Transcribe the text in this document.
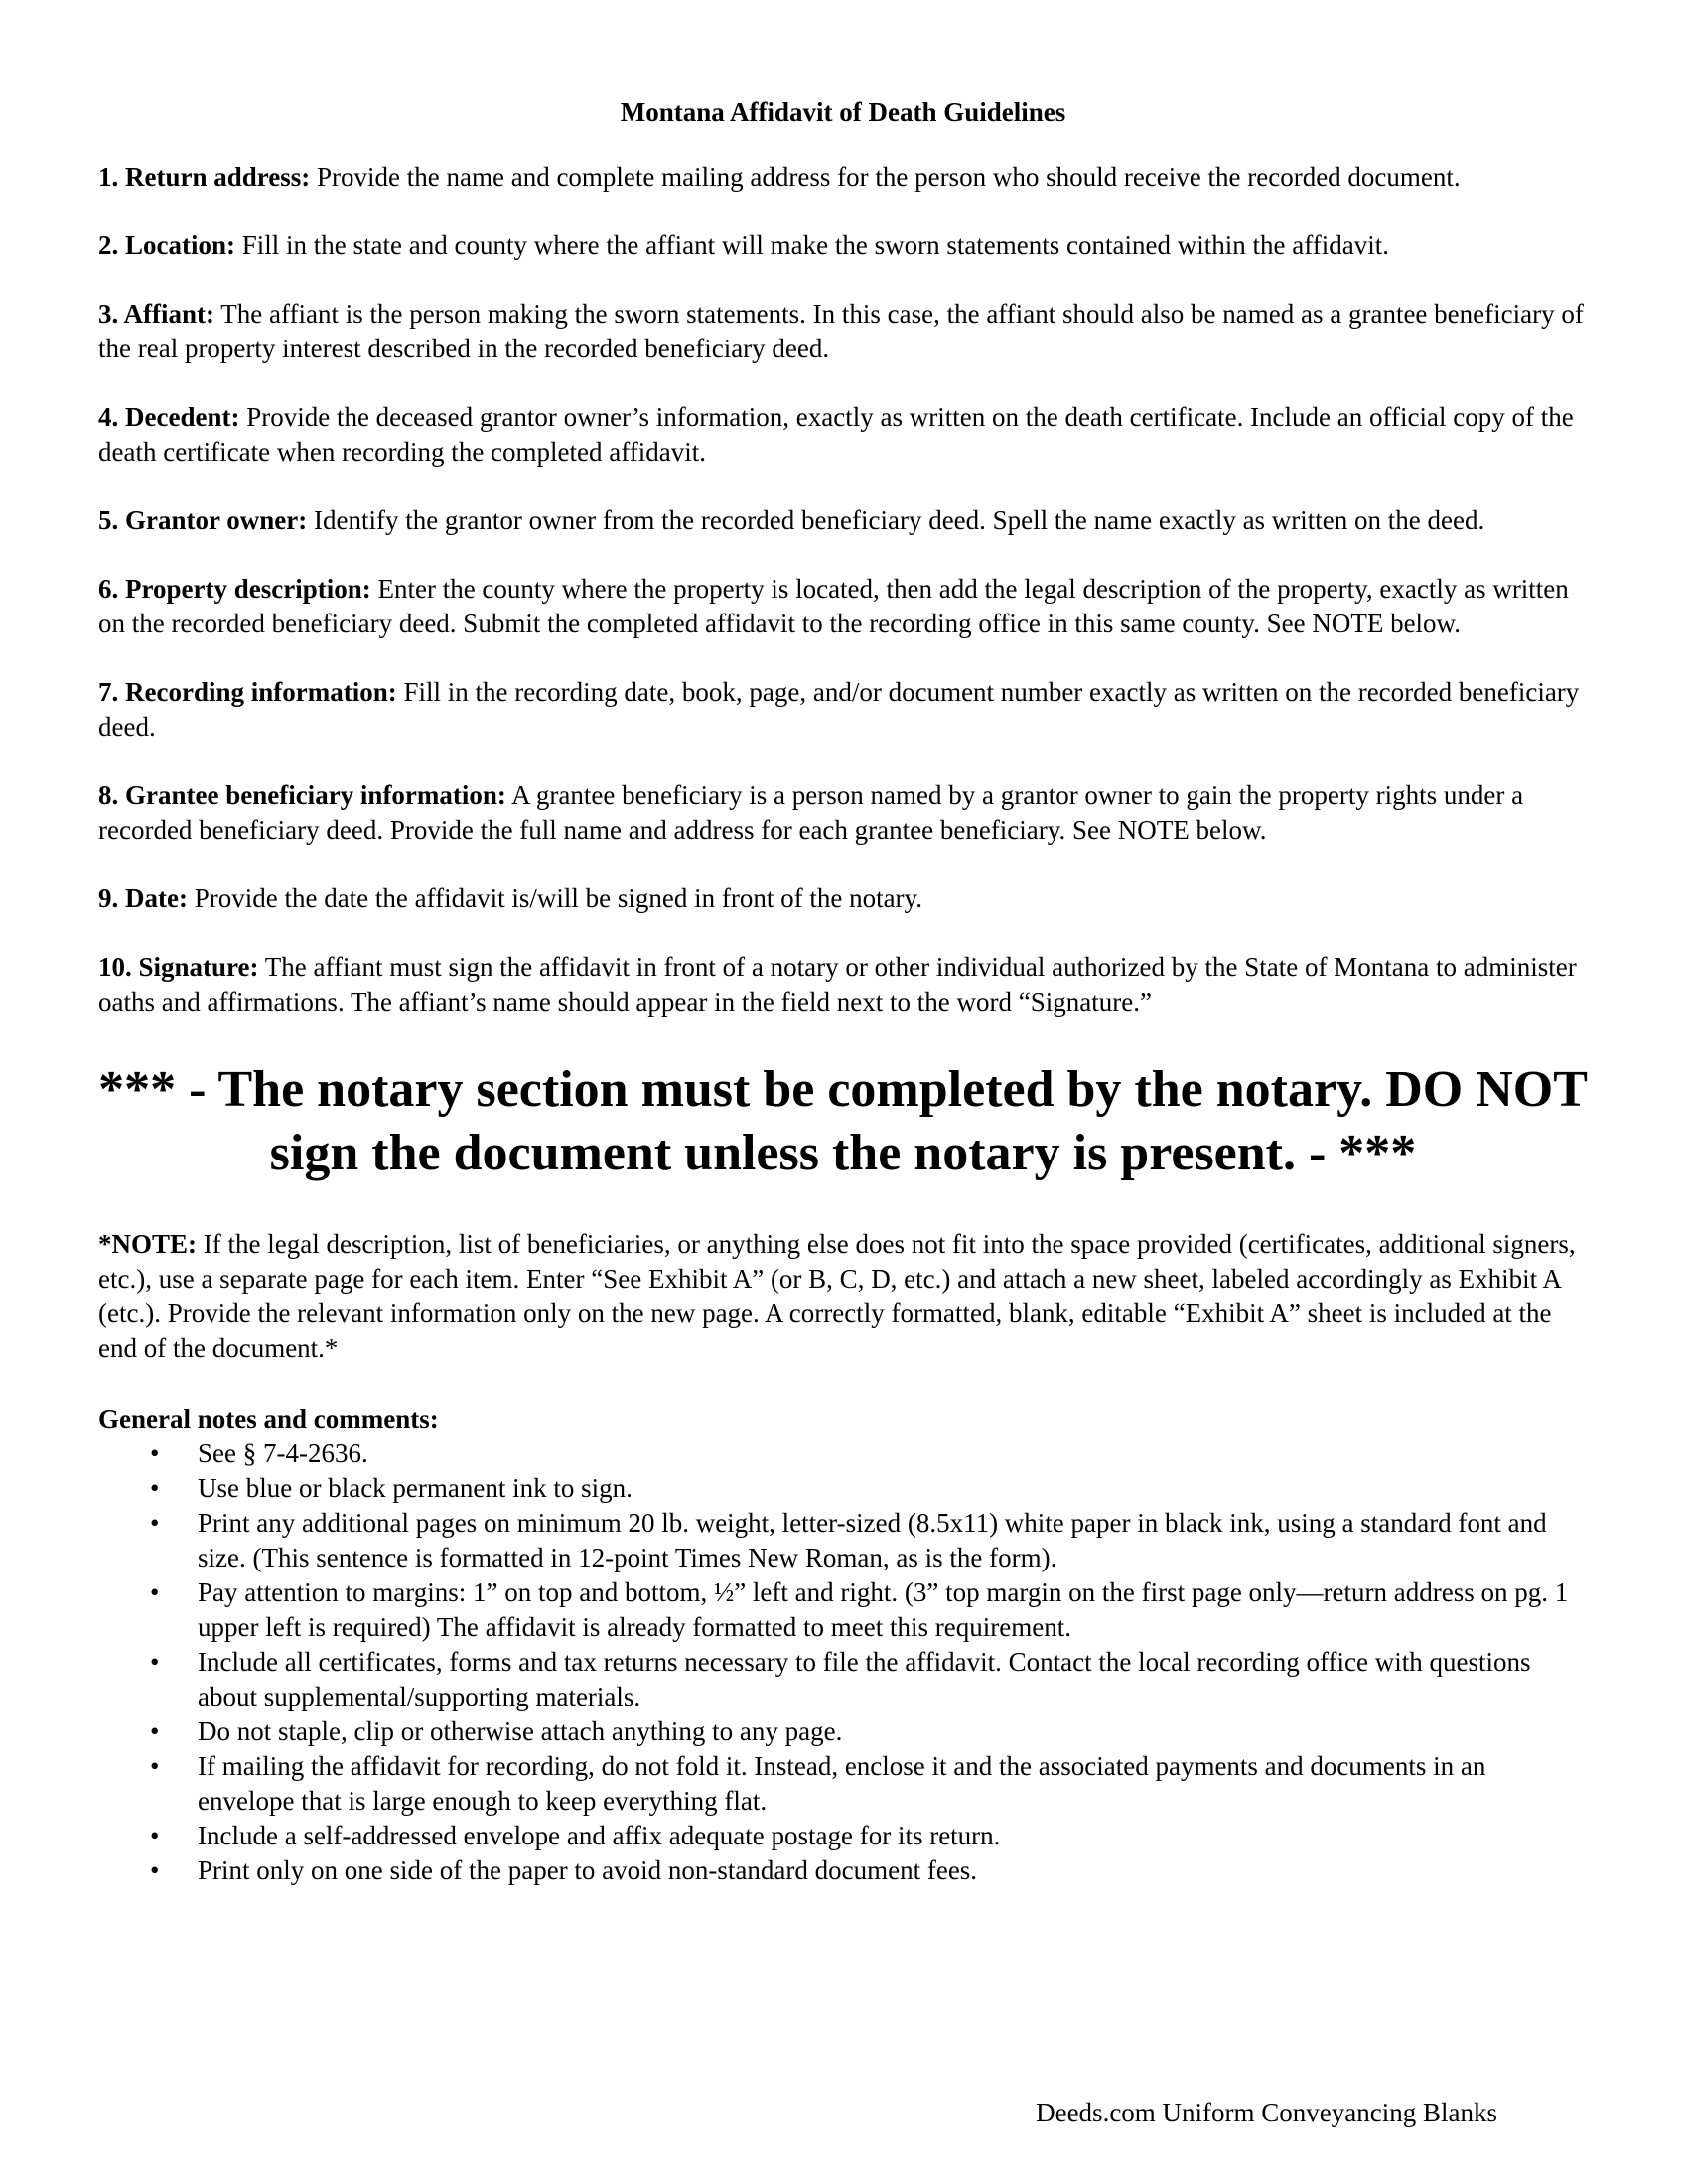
Montana Affidavit of Death Guidelines
1. Return address: Provide the name and complete mailing address for the person who should receive the recorded document.
2. Location: Fill in the state and county where the affiant will make the sworn statements contained within the affidavit.
3. Affiant: The affiant is the person making the sworn statements. In this case, the affiant should also be named as a grantee beneficiary of the real property interest described in the recorded beneficiary deed.
4. Decedent: Provide the deceased grantor owner’s information, exactly as written on the death certificate. Include an official copy of the death certificate when recording the completed affidavit.
5. Grantor owner: Identify the grantor owner from the recorded beneficiary deed. Spell the name exactly as written on the deed.
6. Property description: Enter the county where the property is located, then add the legal description of the property, exactly as written on the recorded beneficiary deed. Submit the completed affidavit to the recording office in this same county. See NOTE below.
7. Recording information: Fill in the recording date, book, page, and/or document number exactly as written on the recorded beneficiary deed.
8. Grantee beneficiary information: A grantee beneficiary is a person named by a grantor owner to gain the property rights under a recorded beneficiary deed. Provide the full name and address for each grantee beneficiary. See NOTE below.
9. Date: Provide the date the affidavit is/will be signed in front of the notary.
10. Signature: The affiant must sign the affidavit in front of a notary or other individual authorized by the State of Montana to administer oaths and affirmations. The affiant’s name should appear in the field next to the word “Signature.”
*** - The notary section must be completed by the notary. DO NOT sign the document unless the notary is present. - ***
*NOTE: If the legal description, list of beneficiaries, or anything else does not fit into the space provided (certificates, additional signers, etc.), use a separate page for each item. Enter “See Exhibit A” (or B, C, D, etc.) and attach a new sheet, labeled accordingly as Exhibit A (etc.). Provide the relevant information only on the new page. A correctly formatted, blank, editable “Exhibit A” sheet is included at the end of the document.*
General notes and comments:
• See § 7-4-2636.
• Use blue or black permanent ink to sign.
• Print any additional pages on minimum 20 lb. weight, letter-sized (8.5x11) white paper in black ink, using a standard font and size. (This sentence is formatted in 12-point Times New Roman, as is the form).
• Pay attention to margins: 1” on top and bottom, ½” left and right. (3” top margin on the first page only—return address on pg. 1 upper left is required) The affidavit is already formatted to meet this requirement.
• Include all certificates, forms and tax returns necessary to file the affidavit. Contact the local recording office with questions about supplemental/supporting materials.
• Do not staple, clip or otherwise attach anything to any page.
• If mailing the affidavit for recording, do not fold it. Instead, enclose it and the associated payments and documents in an envelope that is large enough to keep everything flat.
• Include a self-addressed envelope and affix adequate postage for its return.
• Print only on one side of the paper to avoid non-standard document fees.
Deeds.com Uniform Conveyancing Blanks
